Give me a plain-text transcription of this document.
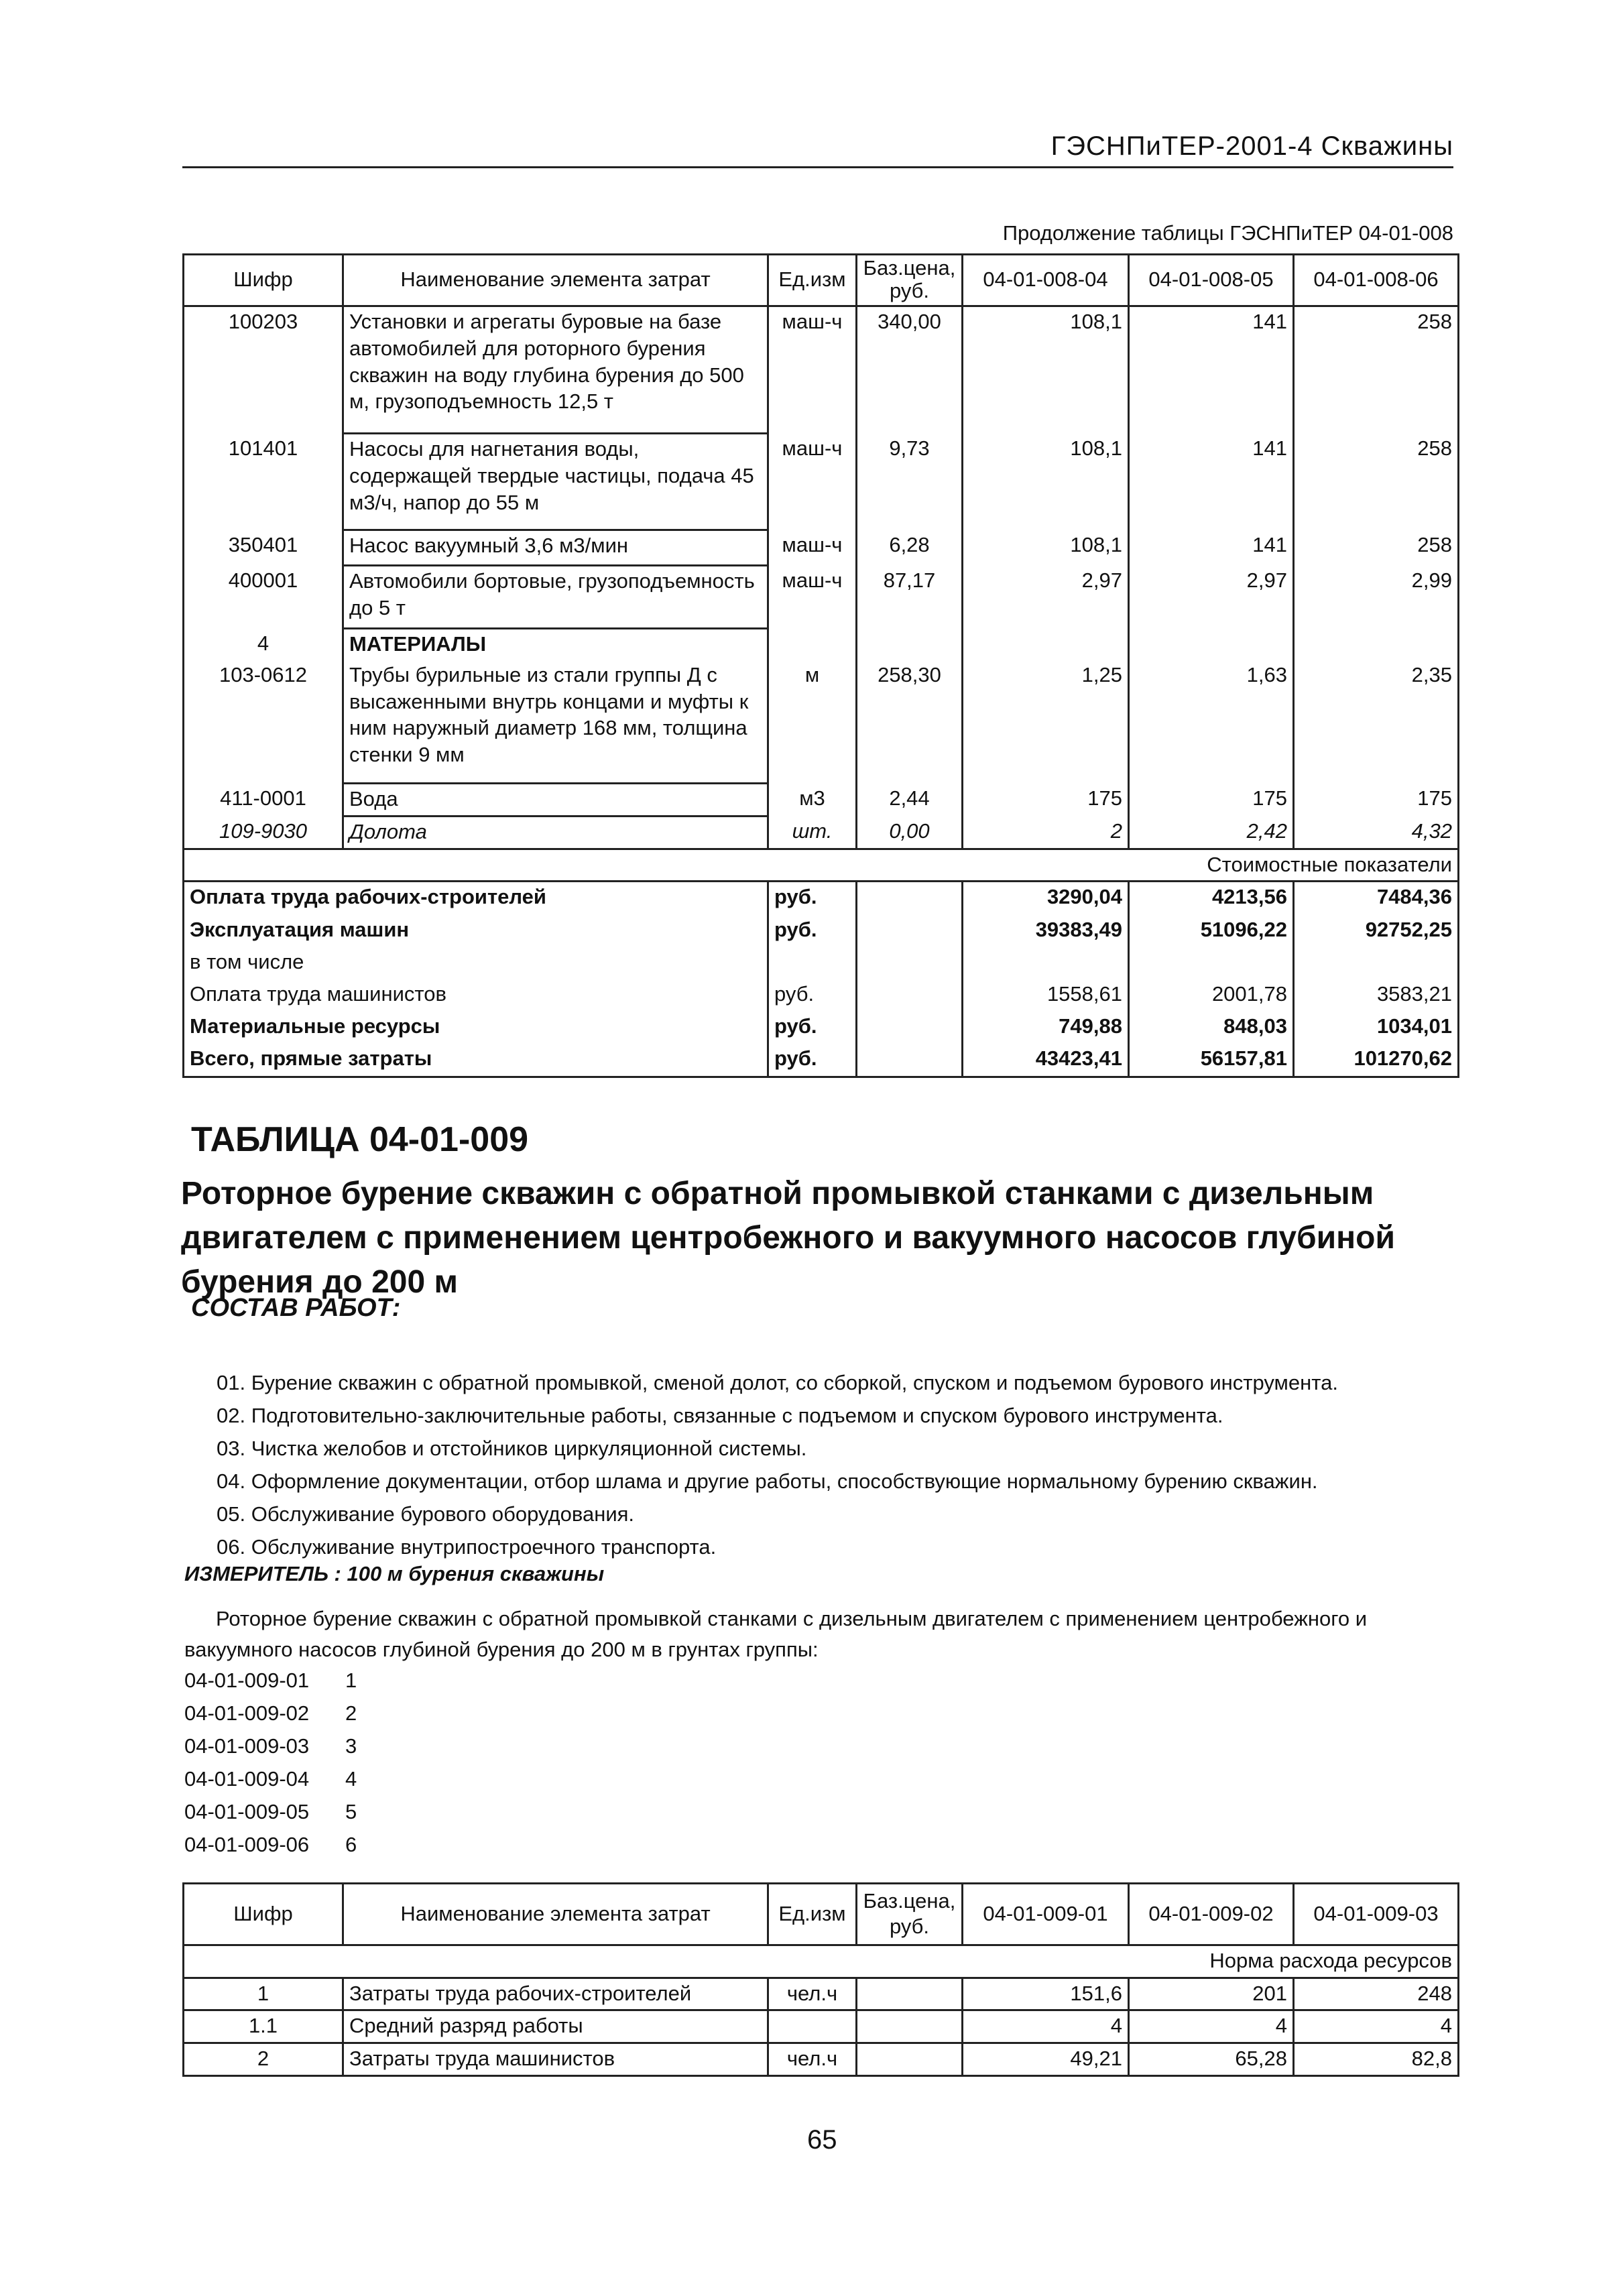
ГЭСНПиТЕР-2001-4 Скважины
Продолжение таблицы ГЭСНПиТЕР 04-01-008
Шифр	Наименование элемента затрат	Ед.изм	Баз.цена, руб.	04-01-008-04	04-01-008-05	04-01-008-06
100203	Установки и агрегаты буровые на базе автомобилей для роторного бурения скважин на воду глубина бурения до 500 м, грузоподъемность 12,5 т	маш-ч	340,00	108,1	141	258
101401	Насосы для нагнетания воды, содержащей твердые частицы, подача 45 м3/ч, напор до 55 м	маш-ч	9,73	108,1	141	258
350401	Насос вакуумный 3,6 м3/мин	маш-ч	6,28	108,1	141	258
400001	Автомобили бортовые, грузоподъемность до 5 т	маш-ч	87,17	2,97	2,97	2,99
4	МАТЕРИАЛЫ					
103-0612	Трубы бурильные из стали группы Д с высаженными внутрь концами и муфты к ним наружный диаметр 168 мм, толщина стенки 9 мм	м	258,30	1,25	1,63	2,35
411-0001	Вода	м3	2,44	175	175	175
109-9030	Долота	шт.	0,00	2	2,42	4,32
Стоимостные показатели						
Оплата труда рабочих-строителей		руб.		3290,04	4213,56	7484,36
Эксплуатация машин		руб.		39383,49	51096,22	92752,25
в том числе						
Оплата труда машинистов		руб.		1558,61	2001,78	3583,21
Материальные ресурсы		руб.		749,88	848,03	1034,01
Всего, прямые затраты		руб.		43423,41	56157,81	101270,62
ТАБЛИЦА 04-01-009
Роторное бурение скважин с обратной промывкой станками с дизельным двигателем с применением центробежного и вакуумного насосов глубиной бурения до 200 м
СОСТАВ РАБОТ:
01. Бурение скважин с обратной промывкой, сменой долот, со сборкой, спуском и подъемом бурового инструмента.
02. Подготовительно-заключительные работы, связанные с подъемом и спуском бурового инструмента.
03. Чистка желобов и отстойников циркуляционной системы.
04. Оформление документации, отбор шлама и другие работы, способствующие нормальному бурению скважин.
05. Обслуживание бурового оборудования.
06. Обслуживание внутрипостроечного транспорта.
ИЗМЕРИТЕЛЬ : 100 м бурения скважины
Роторное бурение скважин с обратной промывкой станками с дизельным двигателем с применением центробежного и вакуумного насосов глубиной бурения до 200 м в грунтах группы:
04-01-009-01 1
04-01-009-02 2
04-01-009-03 3
04-01-009-04 4
04-01-009-05 5
04-01-009-06 6
Шифр	Наименование элемента затрат	Ед.изм	Баз.цена, руб.	04-01-009-01	04-01-009-02	04-01-009-03
Норма расхода ресурсов						
1	Затраты труда рабочих-строителей	чел.ч		151,6	201	248
1.1	Средний разряд работы			4	4	4
2	Затраты труда машинистов	чел.ч		49,21	65,28	82,8
65
